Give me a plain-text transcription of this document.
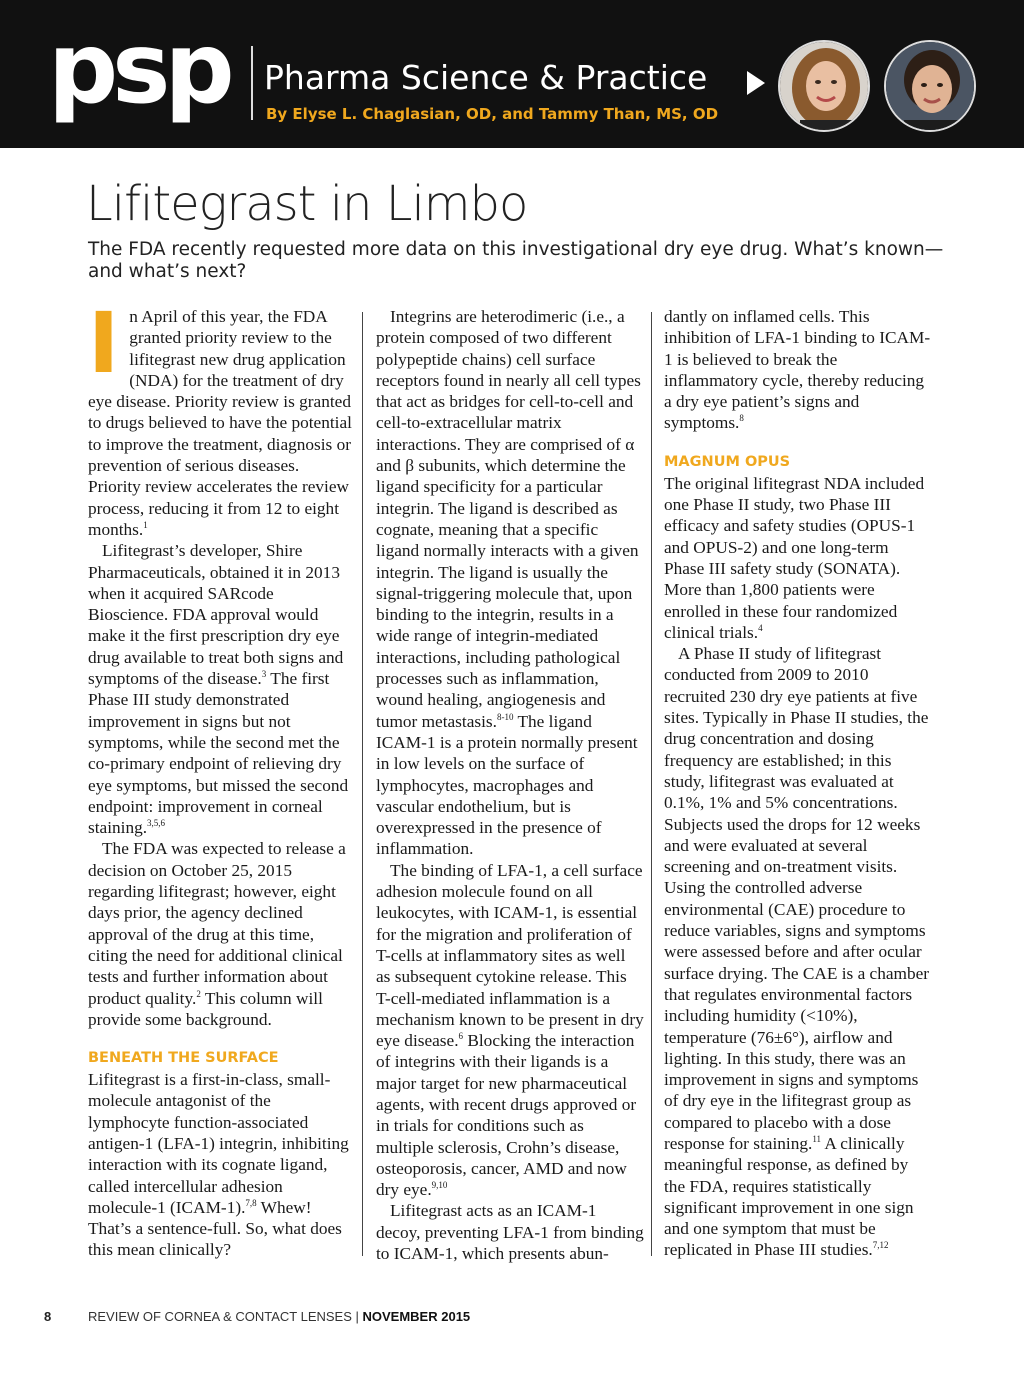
psp Pharma Science & Practice
By Elyse L. Chaglasian, OD, and Tammy Than, MS, OD
Lifitegrast in Limbo
The FDA recently requested more data on this investigational dry eye drug. What’s known—and what’s next?

In April of this year, the FDA granted priority review to the lifitegrast new drug application (NDA) for the treatment of dry eye disease. Priority review is granted to drugs believed to have the potential to improve the treatment, diagnosis or prevention of serious diseases. Priority review accelerates the review process, reducing it from 12 to eight months.$^1$

Lifitegrast’s developer, Shire Pharmaceuticals, obtained it in 2013 when it acquired SARcode Bioscience. FDA approval would make it the first prescription dry eye drug available to treat both signs and symptoms of the disease.$^3$ The first Phase III study demonstrated improvement in signs but not symptoms, while the second met the co-primary endpoint of relieving dry eye symptoms, but missed the second endpoint: improvement in corneal staining.$^{3,5,6}$

The FDA was expected to release a decision on October 25, 2015 regarding lifitegrast; however, eight days prior, the agency declined approval of the drug at this time, citing the need for additional clinical tests and further information about product quality.$^2$ This column will provide some background.

BENEATH THE SURFACE

Lifitegrast is a first-in-class, small-molecule antagonist of the lymphocyte function-associated antigen-1 (LFA-1) integrin, inhibiting interaction with its cognate ligand, called intercellular adhesion molecule-1 (ICAM-1).$^{7,8}$ Whew! That’s a sentence-full. So, what does this mean clinically?

Integrins are heterodimeric (i.e., a protein composed of two different polypeptide chains) cell surface receptors found in nearly all cell types that act as bridges for cell-to-cell and cell-to-extracellular matrix interactions. They are comprised of α and β subunits, which determine the ligand specificity for a particular integrin. The ligand is described as cognate, meaning that a specific ligand normally interacts with a given integrin. The ligand is usually the signal-triggering molecule that, upon binding to the integrin, results in a wide range of integrin-mediated interactions, including pathological processes such as inflammation, wound healing, angiogenesis and tumor metastasis.$^{8-10}$ The ligand ICAM-1 is a protein normally present in low levels on the surface of lymphocytes, macrophages and vascular endothelium, but is overexpressed in the presence of inflammation.

The binding of LFA-1, a cell surface adhesion molecule found on all leukocytes, with ICAM-1, is essential for the migration and proliferation of T-cells at inflammatory sites as well as subsequent cytokine release. This T-cell-mediated inflammation is a mechanism known to be present in dry eye disease.$^6$ Blocking the interaction of integrins with their ligands is a major target for new pharmaceutical agents, with recent drugs approved or in trials for conditions such as multiple sclerosis, Crohn’s disease, osteoporosis, cancer, AMD and now dry eye.$^{9,10}$

Lifitegrast acts as an ICAM-1 decoy, preventing LFA-1 from binding to ICAM-1, which presents abun-

dantly on inflamed cells. This inhibition of LFA-1 binding to ICAM-1 is believed to break the inflammatory cycle, thereby reducing a dry eye patient’s signs and symptoms.$^8$

MAGNUM OPUS

The original lifitegrast NDA included one Phase II study, two Phase III efficacy and safety studies (OPUS-1 and OPUS-2) and one long-term Phase III safety study (SONATA). More than 1,800 patients were enrolled in these four randomized clinical trials.$^4$

A Phase II study of lifitegrast conducted from 2009 to 2010 recruited 230 dry eye patients at five sites. Typically in Phase II studies, the drug concentration and dosing frequency are established; in this study, lifitegrast was evaluated at 0.1%, 1% and 5% concentrations. Subjects used the drops for 12 weeks and were evaluated at several screening and on-treatment visits. Using the controlled adverse environmental (CAE) procedure to reduce variables, signs and symptoms were assessed before and after ocular surface drying. The CAE is a chamber that regulates environmental factors including humidity (<10%), temperature (76±6°), airflow and lighting. In this study, there was an improvement in signs and symptoms of dry eye in the lifitegrast group as compared to placebo with a dose response for staining.$^{11}$ A clinically meaningful response, as defined by the FDA, requires statistically significant improvement in one sign and one symptom that must be replicated in Phase III studies.$^{7,12}$

8	REVIEW OF CORNEA & CONTACT LENSES | NOVEMBER 2015
